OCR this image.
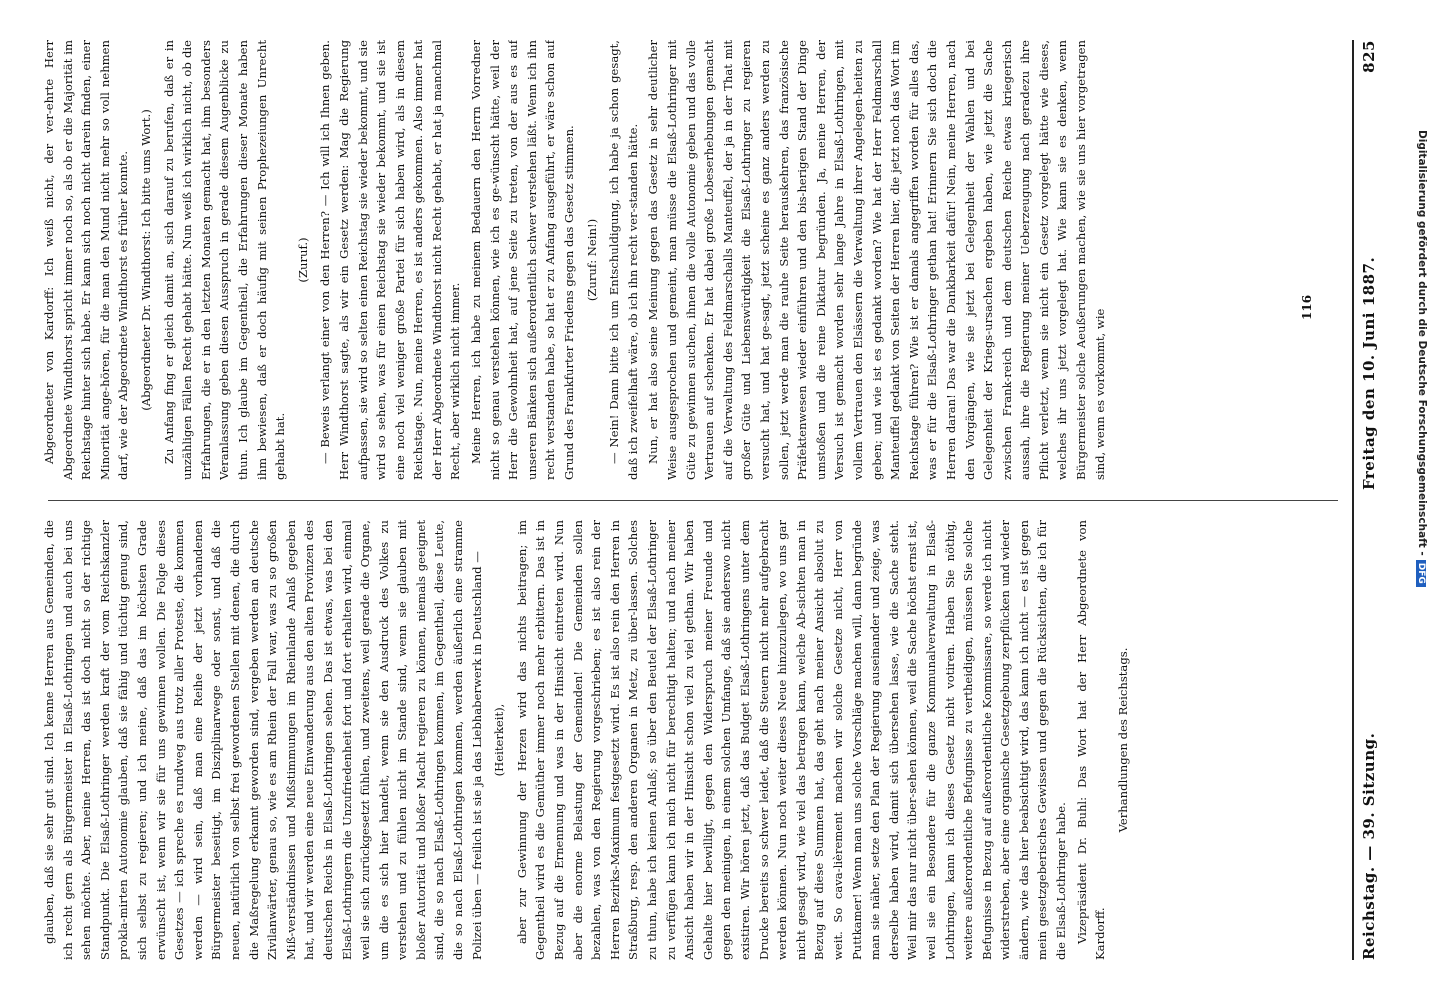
Reichstag. — 39. Sitzung.
Freitag den 10. Juni 1887.
825

glauben, daß sie sehr gut sind. Ich kenne Herren aus Gemeinden, die ich recht gern als Bürgermeister in Elsaß-Lothringen und auch bei uns sehen möchte. Aber, meine Herren, das ist doch nicht so der richtige Standpunkt. Die Elsaß-Lothringer werden kraft der vom Reichskanzler prokla-mirten Autonomie glauben, daß sie fähig und tüchtig genug sind, sich selbst zu regieren; und ich meine, daß das im höchsten Grade erwünscht ist, wenn wir sie für uns gewinnen wollen. Die Folge dieses Gesetzes — ich spreche es rundweg aus trotz aller Proteste, die kommen werden — wird sein, daß man eine Reihe der jetzt vorhandenen Bürgermeister beseitigt, im Disziplinarwege oder sonst, und daß die neuen, natürlich von selbst frei gewordenen Stellen mit denen, die durch die Maßregelung erkannt geworden sind, vergeben werden an deutsche Zivilanwärter, genau so, wie es am Rhein der Fall war, was zu so großen Miß-verständnissen und Mißstimmungen im Rheinlande Anlaß gegeben hat, und wir werden eine neue Einwanderung aus den alten Provinzen des deutschen Reichs in Elsaß-Lothringen sehen. Das ist etwas, was bei den Elsaß-Lothringern die Unzufriedenheit fort und fort erhalten wird, einmal weil sie sich zurückgesetzt fühlen, und zweitens, weil gerade die Organe, um die es sich hier handelt, wenn sie den Ausdruck des Volkes zu verstehen und zu fühlen nicht im Stande sind, wenn sie glauben mit bloßer Autorität und bloßer Macht regieren zu können, niemals geeignet sind, die so nach Elsaß-Lothringen kommen, im Gegentheil, diese Leute, die so nach Elsaß-Lothringen kommen, werden äußerlich eine stramme Polizei üben — freilich ist sie ja das Liebhaberwerk in Deutschland — (Heiterkeit), aber zur Gewinnung der Herzen wird das nichts beitragen; im Gegentheil wird es die Gemüther immer noch mehr erbittern. Das ist in Bezug auf die Ernennung und was in der Hinsicht eintreten wird. Nun aber die enorme Belastung der Gemeinden! Die Gemeinden sollen bezahlen, was von den Regierung vorgeschrieben; es ist also rein der Herren Bezirks-Maximum festgesetzt wird. Es ist also rein den Herren in Straßburg, resp. den anderen Organen in Metz, zu über-lassen. Solches zu thun, habe ich keinen Anlaß; so über den Beutel der Elsaß-Lothringer zu verfügen kann ich mich nicht für berechtigt halten; und nach meiner Ansicht haben wir in der Hinsicht schon viel zu viel gethan. Wir haben Gehalte hier bewilligt, gegen den Widerspruch meiner Freunde und gegen den meinigen, in einem solchen Umfange, daß sie anderswo nicht existiren. Wir hören jetzt, daß das Budget Elsaß-Lothringens unter dem Drucke bereits so schwer leidet, daß die Steuern nicht mehr aufgebracht werden können. Nun noch weiter dieses Neue hinzuzulegen, wo uns gar nicht gesagt wird, wie viel das betragen kann, welche Ab-sichten man in Bezug auf diese Summen hat, das geht nach meiner Ansicht absolut zu weit. So cava-lièrement machen wir solche Gesetze nicht, Herr von Puttkamer! Wenn man uns solche Vorschläge machen will, dann begründe man sie näher, setze den Plan der Regierung auseinander und zeige, was derselbe haben wird, damit sich übersehen lasse, wie die Sache steht. Weil mir das nur nicht über-sehen können, weil die Sache höchst ernst ist, weil sie ein Besondere für die ganze Kommunalverwaltung in Elsaß-Lothringen, kann ich dieses Gesetz nicht votiren. Haben Sie nöthig, weitere außerordentliche Befugnisse zu vertheidigen, müssen Sie solche Befugnisse in Bezug auf außerordentliche Kommissare, so werde ich nicht widerstreben, aber eine organische Gesetzgebung zerpflücken und wieder ändern, wie das hier beabsichtigt wird, das kann ich nicht — es ist gegen mein gesetzgeberisches Gewissen und gegen die Rücksichten, die ich für die Elsaß-Lothringer habe. Vizepräsident Dr. Buhl: Das Wort hat der Herr Abgeordnete von Kardorff.

Verhandlungen des Reichstags.

Abgeordneter von Kardorff: Ich weiß nicht, der ver-ehrte Herr Abgeordnete Windthorst spricht immer noch so, als ob er die Majorität im Reichstage hinter sich habe. Er kann sich noch nicht darein finden, einer Minorität ange-hören, für die man den Mund nicht mehr so voll nehmen darf, wie der Abgeordnete Windthorst es früher konnte. (Abgeordneter Dr. Windthorst: Ich bitte ums Wort.) Zu Anfang fing er gleich damit an, sich darauf zu berufen, daß er in unzähligen Fällen Recht gehabt hätte. Nun weiß ich wirklich nicht, ob die Erfahrungen, die er in den letzten Monaten gemacht hat, ihm besonders Veranlassung geben diesen Ausspruch in gerade diesem Augenblicke zu thun. Ich glaube im Gegentheil, die Erfahrungen dieser Monate haben ihm bewiesen, daß er doch häufig mit seinen Prophezeiungen Unrecht gehabt hat.

(Zuruf.) — Beweis verlangt einer von den Herren? — Ich will ich Ihnen geben. Herr Windthorst sagte, als wir ein Gesetz werden: Mag die Regierung aufpassen, sie wird so selten einen Reichstag sie wieder bekommt, und sie wird so sehen, was für einen Reichstag sie wieder bekommt, und sie ist eine noch viel weniger große Partei für sich haben wird, als in diesem Reichstage. Nun, meine Herren, es ist anders gekommen. Also immer hat der Herr Abgeordnete Windthorst nicht Recht gehabt, er hat ja manchmal Recht, aber wirklich nicht immer. Meine Herren, ich habe zu meinem Bedauern den Herrn Vorredner nicht so genau verstehen können, wie ich es ge-wünscht hätte, weil der Herr die Gewohnheit hat, auf jene Seite zu treten, von der aus es auf unseren Bänken sich außerordentlich schwer verstehen läßt. Wenn ich ihn recht verstanden habe, so hat er zu Anfang ausgeführt, er wäre schon auf Grund des Frankfurter Friedens gegen das Gesetz stimmen. (Zuruf: Nein!) — Nein! Dann bitte ich um Entschuldigung, ich habe ja schon gesagt, daß ich zweifelhaft wäre, ob ich ihn recht ver-standen hätte. Nun, er hat also seine Meinung gegen das Gesetz in sehr deutlicher Weise ausgesprochen und gemeint, man müsse die Elsaß-Lothringer mit Güte zu gewinnen suchen, ihnen die volle Autonomie geben und das volle Vertrauen auf schenken. Er hat dabei große Lobeserhebungen gemacht auf die Verwaltung des Feldmarschalls Manteuffel, der ja in der That mit großer Güte und Liebenswürdigkeit die Elsaß-Lothringer zu regieren versucht hat, und hat ge-sagt, jetzt scheine es ganz anders werden zu sollen, jetzt werde man die rauhe Seite herauskehren, das französische Präfektenwesen wieder einführen und den bis-herigen Stand der Dinge umstoßen und die reine Diktatur begründen. Ja, meine Herren, der Versuch ist gemacht worden sehr lange Jahre in Elsaß-Lothringen, mit vollem Vertrauen den Elsässern die Verwaltung ihrer Angelegen-heiten zu geben; und wie ist es gedankt worden? Wie hat der Herr Feldmarschall Manteuffel gedankt von Seiten der Herren hier, die jetzt noch das Wort im Reichstage führen? Wie ist er damals angegriffen worden für alles das, was er für die Elsaß-Lothringer gethan hat! Erinnern Sie sich doch die Herren daran! Das war die Dankbarkeit dafür! Nein, meine Herren, nach den Vorgängen, wie sie jetzt bei Gelegenheit der Wahlen und bei Gelegenheit der Kriegs-ursachen ergeben haben, wie jetzt die Sache zwischen Frank-reich und dem deutschen Reiche etwas kriegerisch aussah, ihre die Regierung meiner Ueberzeugung nach geradezu ihre Pflicht verletzt, wenn sie nicht ein Gesetz vorgelegt hätte wie dieses, welches ihr uns jetzt vorgelegt hat. Wie kann sie es denken, wenn Bürgermeister solche Aeußerungen machen, wie sie uns hier vorgetragen sind, wenn es vorkommt, wie

116	Digitalisierung gefördert durch die Deutsche Forschungsgemeinschaft -DFG
